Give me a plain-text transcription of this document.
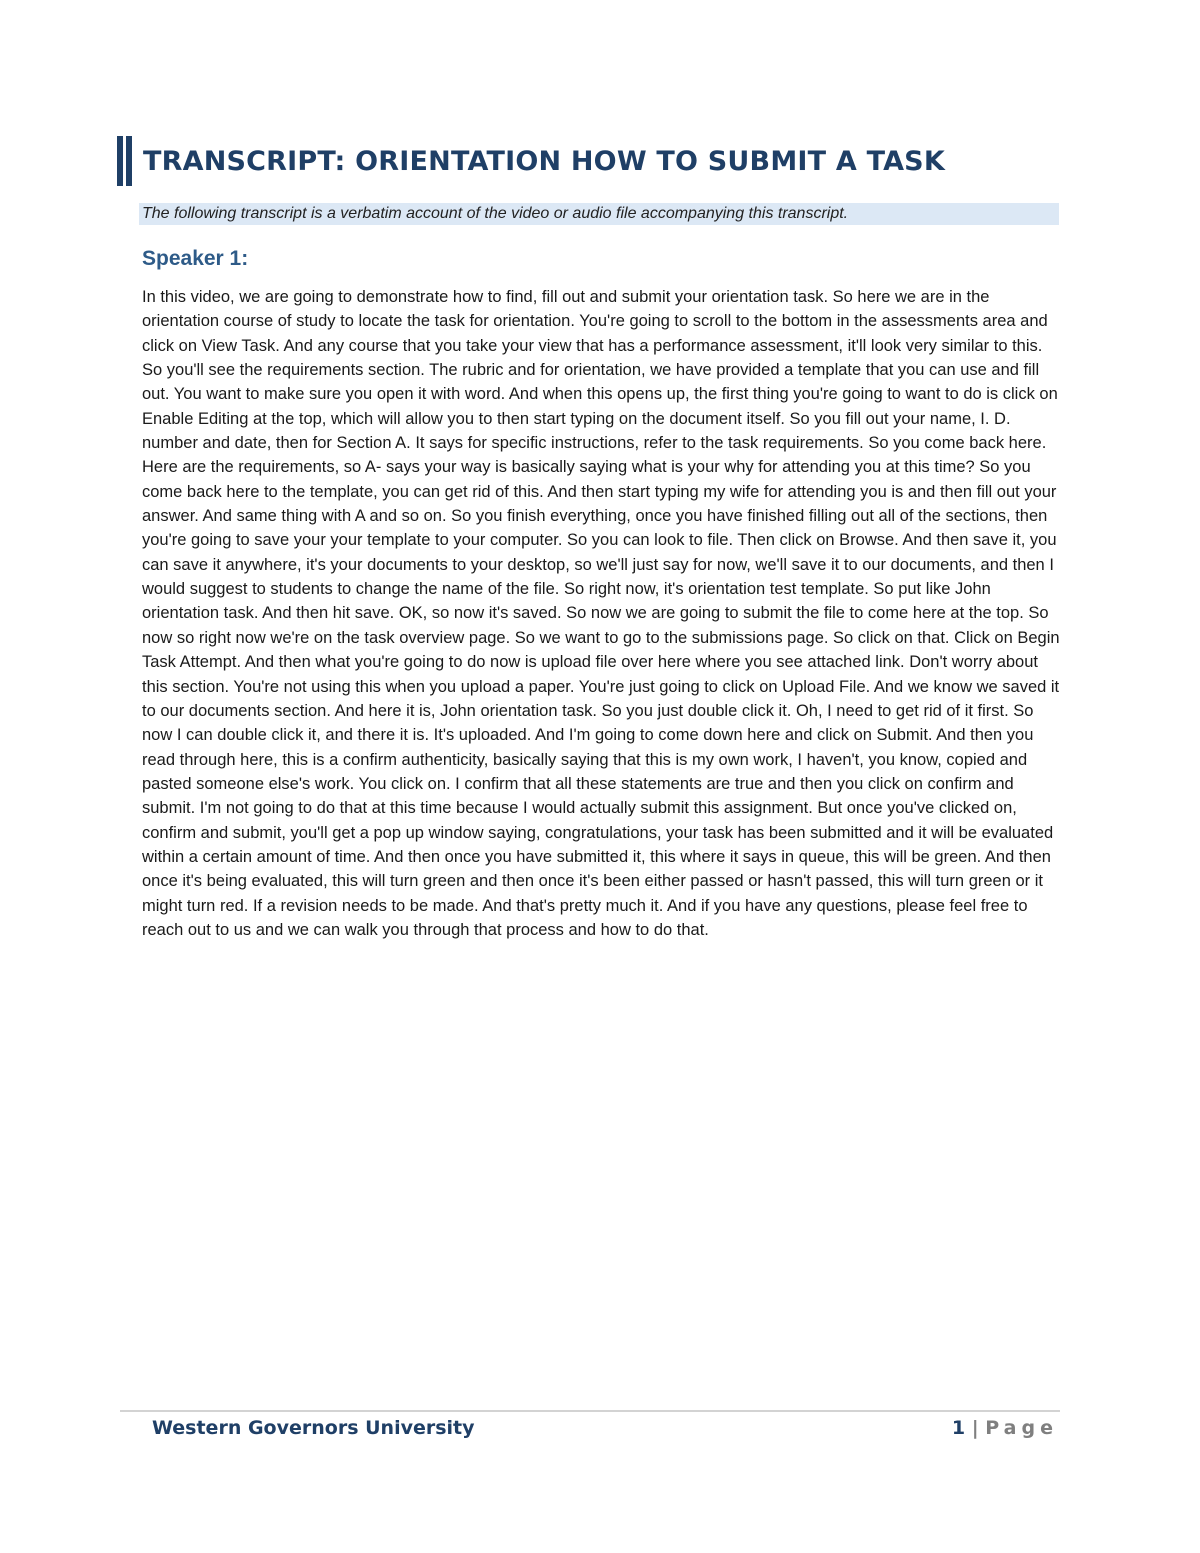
TRANSCRIPT: ORIENTATION HOW TO SUBMIT A TASK
The following transcript is a verbatim account of the video or audio file accompanying this transcript.
Speaker 1:
In this video, we are going to demonstrate how to find, fill out and submit your orientation task. So here we are in the orientation course of study to locate the task for orientation. You're going to scroll to the bottom in the assessments area and click on View Task. And any course that you take your view that has a performance assessment, it'll look very similar to this. So you'll see the requirements section. The rubric and for orientation, we have provided a template that you can use and fill out. You want to make sure you open it with word. And when this opens up, the first thing you're going to want to do is click on Enable Editing at the top, which will allow you to then start typing on the document itself. So you fill out your name, I. D. number and date, then for Section A. It says for specific instructions, refer to the task requirements. So you come back here. Here are the requirements, so A- says your way is basically saying what is your why for attending you at this time? So you come back here to the template, you can get rid of this. And then start typing my wife for attending you is and then fill out your answer. And same thing with A and so on. So you finish everything, once you have finished filling out all of the sections, then you're going to save your your template to your computer. So you can look to file. Then click on Browse. And then save it, you can save it anywhere, it's your documents to your desktop, so we'll just say for now, we'll save it to our documents, and then I would suggest to students to change the name of the file. So right now, it's orientation test template. So put like John orientation task. And then hit save. OK, so now it's saved. So now we are going to submit the file to come here at the top. So now so right now we're on the task overview page. So we want to go to the submissions page. So click on that. Click on Begin Task Attempt. And then what you're going to do now is upload file over here where you see attached link. Don't worry about this section. You're not using this when you upload a paper. You're just going to click on Upload File. And we know we saved it to our documents section. And here it is, John orientation task. So you just double click it. Oh, I need to get rid of it first. So now I can double click it, and there it is. It's uploaded. And I'm going to come down here and click on Submit. And then you read through here, this is a confirm authenticity, basically saying that this is my own work, I haven't, you know, copied and pasted someone else's work. You click on. I confirm that all these statements are true and then you click on confirm and submit. I'm not going to do that at this time because I would actually submit this assignment. But once you've clicked on, confirm and submit, you'll get a pop up window saying, congratulations, your task has been submitted and it will be evaluated within a certain amount of time. And then once you have submitted it, this where it says in queue, this will be green. And then once it's being evaluated, this will turn green and then once it's been either passed or hasn't passed, this will turn green or it might turn red. If a revision needs to be made. And that's pretty much it. And if you have any questions, please feel free to reach out to us and we can walk you through that process and how to do that.
Western Governors University	1 | Page
